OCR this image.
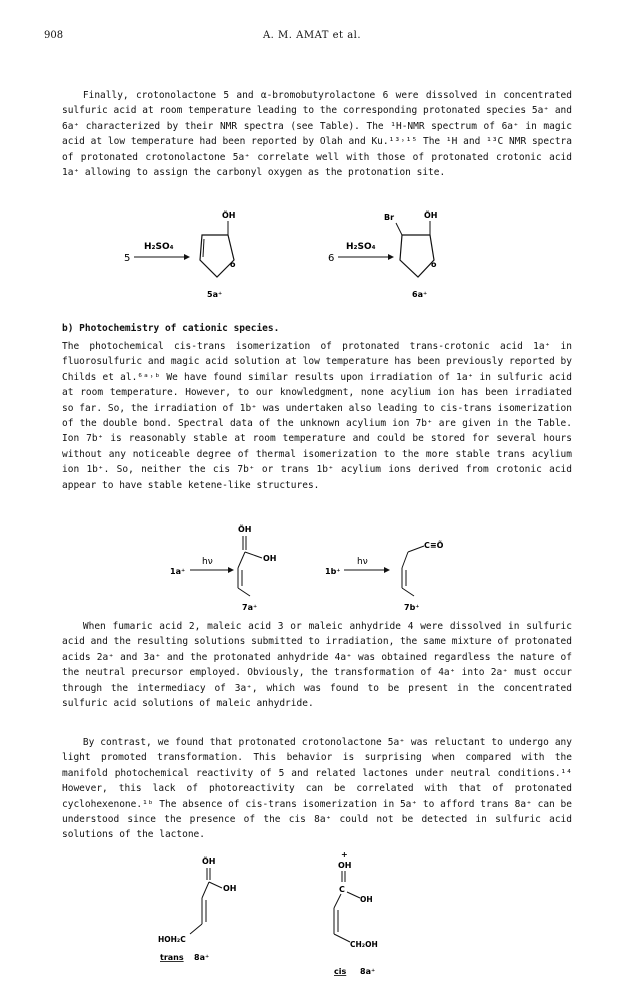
908	A. M. AMAT et al.
Finally, crotonolactone 5 and α-bromobutyrolactone 6 were dissolved in concentrated sulfuric acid at room temperature leading to the corresponding protonated species 5a⁺ and 6a⁺ characterized by their NMR spectra (see Table). The ¹H-NMR spectrum of 6a⁺ in magic acid at low temperature had been reported by Olah and Ku.¹³˒¹⁵ The ¹H and ¹³C NMR spectra of protonated crotonolactone 5a⁺ correlate well with those of protonated crotonic acid 1a⁺ allowing to assign the carbonyl oxygen as the protonation site.
5
H₂SO₄
ÕH
o
5a⁺
6
H₂SO₄
Br	ÕH
o
6a⁺
b) Photochemistry of cationic species.
The photochemical cis-trans isomerization of protonated trans-crotonic acid 1a⁺ in fluorosulfuric and magic acid solution at low temperature has been previously reported by Childs et al.⁶ᵃ˒ᵇ We have found similar results upon irradiation of 1a⁺ in sulfuric acid at room temperature. However, to our knowledgment, none acylium ion has been irradiated so far. So, the irradiation of 1b⁺ was undertaken also leading to cis-trans isomerization of the double bond. Spectral data of the unknown acylium ion 7b⁺ are given in the Table. Ion 7b⁺ is reasonably stable at room temperature and could be stored for several hours without any noticeable degree of thermal isomerization to the more stable trans acylium ion 1b⁺. So, neither the cis 7b⁺ or trans 1b⁺ acylium ions derived from crotonic acid appear to have stable ketene-like structures.
1a⁺
hν
ÕH
OH
7a⁺
1b⁺
hν
C≡Õ
7b⁺
When fumaric acid 2, maleic acid 3 or maleic anhydride 4 were dissolved in sulfuric acid and the resulting solutions submitted to irradiation, the same mixture of protonated acids 2a⁺ and 3a⁺ and the protonated anhydride 4a⁺ was obtained regardless the nature of the neutral precursor employed. Obviously, the transformation of 4a⁺ into 2a⁺ must occur through the intermediacy of 3a⁺, which was found to be present in the concentrated sulfuric acid solutions of maleic anhydride.
By contrast, we found that protonated crotonolactone 5a⁺ was reluctant to undergo any light promoted transformation. This behavior is surprising when compared with the manifold photochemical reactivity of 5 and related lactones under neutral conditions.¹⁴ However, this lack of photoreactivity can be correlated with that of protonated cyclohexenone.¹ᵇ The absence of cis-trans isomerization in 5a⁺ to afford trans 8a⁺ can be understood since the presence of the cis 8a⁺ could not be detected in sulfuric acid solutions of the lactone.
ÕH
OH
HOH₂C
trans 8a⁺
+
OH
C
OH
CH₂OH
cis 8a⁺
